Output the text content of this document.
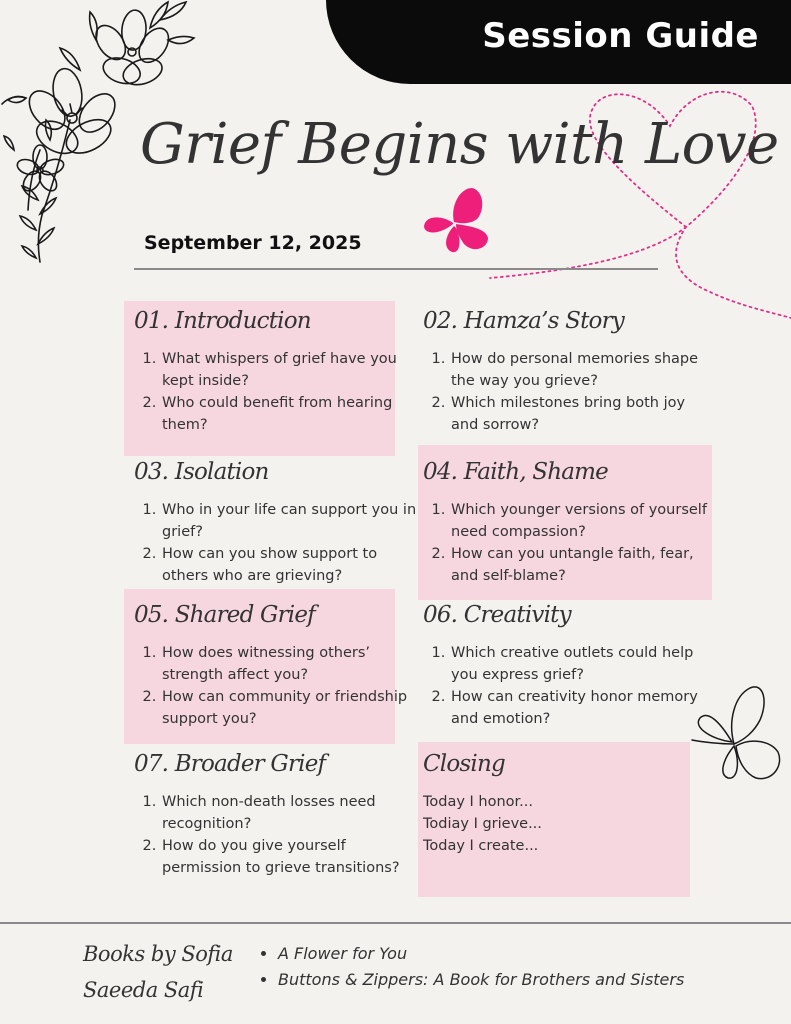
Session Guide
Grief Begins with Love
September 12, 2025
01. Introduction
1. What whispers of grief have you kept inside?
2. Who could benefit from hearing them?
02. Hamza’s Story
1. How do personal memories shape the way you grieve?
2. Which milestones bring both joy and sorrow?
03. Isolation
1. Who in your life can support you in grief?
2. How can you show support to others who are grieving?
04. Faith, Shame
1. Which younger versions of yourself need compassion?
2. How can you untangle faith, fear, and self-blame?
05. Shared Grief
1. How does witnessing others’ strength affect you?
2. How can community or friendship support you?
06. Creativity
1. Which creative outlets could help you express grief?
2. How can creativity honor memory and emotion?
07. Broader Grief
1. Which non-death losses need recognition?
2. How do you give yourself permission to grieve transitions?
Closing

Today I honor...
Todiay I grieve...
Today I create...

Books by Sofia
Saeeda Safi
• A Flower for You
• Buttons & Zippers: A Book for Brothers and Sisters
